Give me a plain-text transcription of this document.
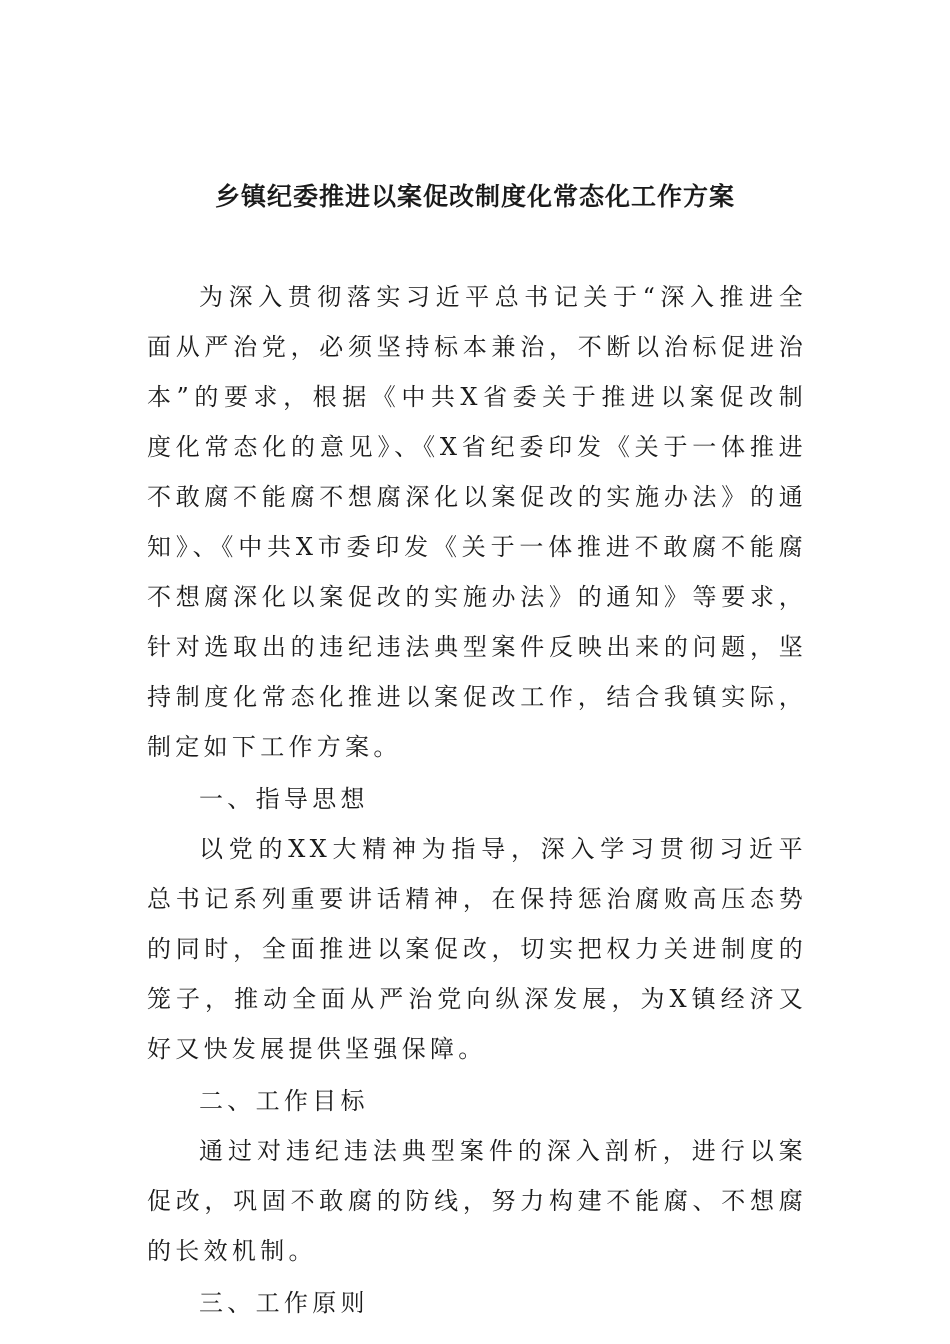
乡镇纪委推进以案促改制度化常态化工作方案

为深入贯彻落实习近平总书记关于“深入推进全面从严治党，必须坚持标本兼治，不断以治标促进治本”的要求，根据《中共X省委关于推进以案促改制度化常态化的意见》、《X省纪委印发《关于一体推进不敢腐不能腐不想腐深化以案促改的实施办法》的通知》、《中共X市委印发《关于一体推进不敢腐不能腐不想腐深化以案促改的实施办法》的通知》等要求，针对选取出的违纪违法典型案件反映出来的问题，坚持制度化常态化推进以案促改工作，结合我镇实际，制定如下工作方案。

一、指导思想

以党的XX大精神为指导，深入学习贯彻习近平总书记系列重要讲话精神，在保持惩治腐败高压态势的同时，全面推进以案促改，切实把权力关进制度的笼子，推动全面从严治党向纵深发展，为X镇经济又好又快发展提供坚强保障。

二、工作目标

通过对违纪违法典型案件的深入剖析，进行以案促改，巩固不敢腐的防线，努力构建不能腐、不想腐的长效机制。

三、工作原则
